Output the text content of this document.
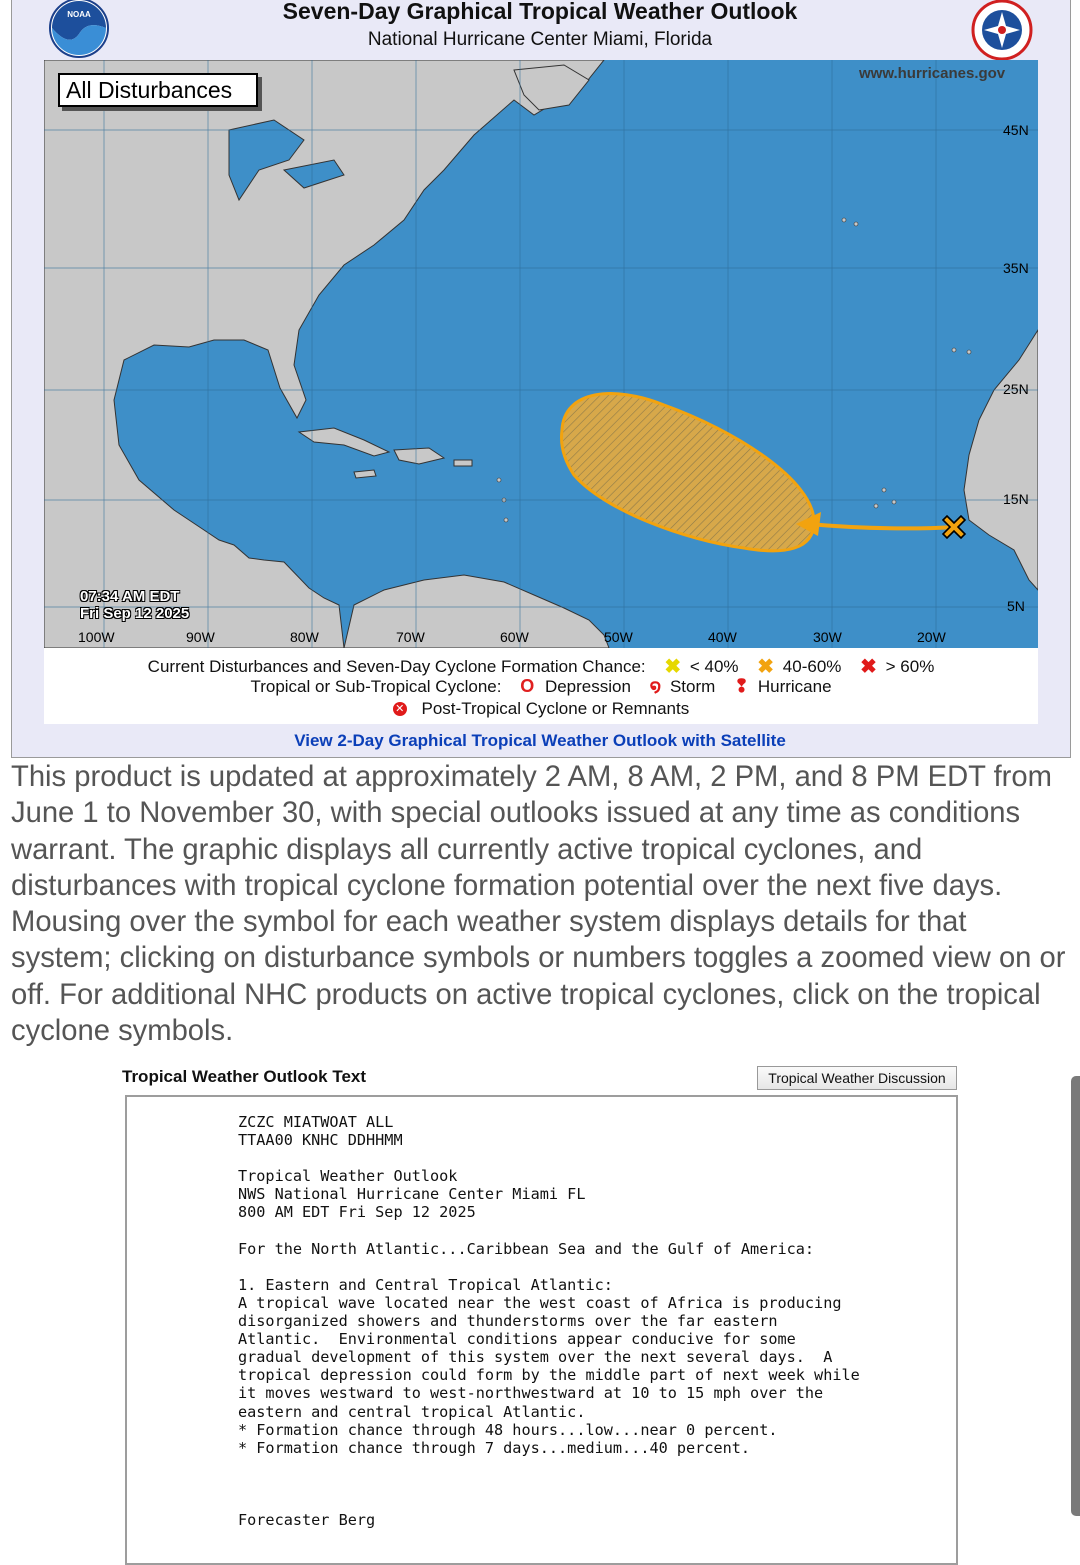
NOAA	Seven-Day Graphical Tropical Weather Outlook
National Hurricane Center Miami, Florida
All Disturbances
www.hurricanes.gov
07:34 AM EDT
Fri Sep 12 2025
100W	90W	80W	70W	60W	50W	40W	30W	20W
45N
35N
25N
15N
5N
Current Disturbances and Seven-Day Cyclone Formation Chance: ✖ < 40% ✖ 40-60% ✖ > 60%
Tropical or Sub-Tropical Cyclone: O Depression ໑ Storm ❢ Hurricane
✕ Post-Tropical Cyclone or Remnants
View 2-Day Graphical Tropical Weather Outlook with Satellite
This product is updated at approximately 2 AM, 8 AM, 2 PM, and 8 PM EDT from June 1 to November 30, with special outlooks issued at any time as conditions warrant. The graphic displays all currently active tropical cyclones, and disturbances with tropical cyclone formation potential over the next five days. Mousing over the symbol for each weather system displays details for that system; clicking on disturbance symbols or numbers toggles a zoomed view on or off. For additional NHC products on active tropical cyclones, click on the tropical cyclone symbols.
Tropical Weather Outlook Text	Tropical Weather Discussion
ZCZC MIATWOAT ALL
TTAA00 KNHC DDHHMM

Tropical Weather Outlook
NWS National Hurricane Center Miami FL
800 AM EDT Fri Sep 12 2025

For the North Atlantic...Caribbean Sea and the Gulf of America:

1. Eastern and Central Tropical Atlantic:
A tropical wave located near the west coast of Africa is producing
disorganized showers and thunderstorms over the far eastern
Atlantic.  Environmental conditions appear conducive for some
gradual development of this system over the next several days.  A
tropical depression could form by the middle part of next week while
it moves westward to west-northwestward at 10 to 15 mph over the
eastern and central tropical Atlantic.
* Formation chance through 48 hours...low...near 0 percent.
* Formation chance through 7 days...medium...40 percent.

Forecaster Berg
